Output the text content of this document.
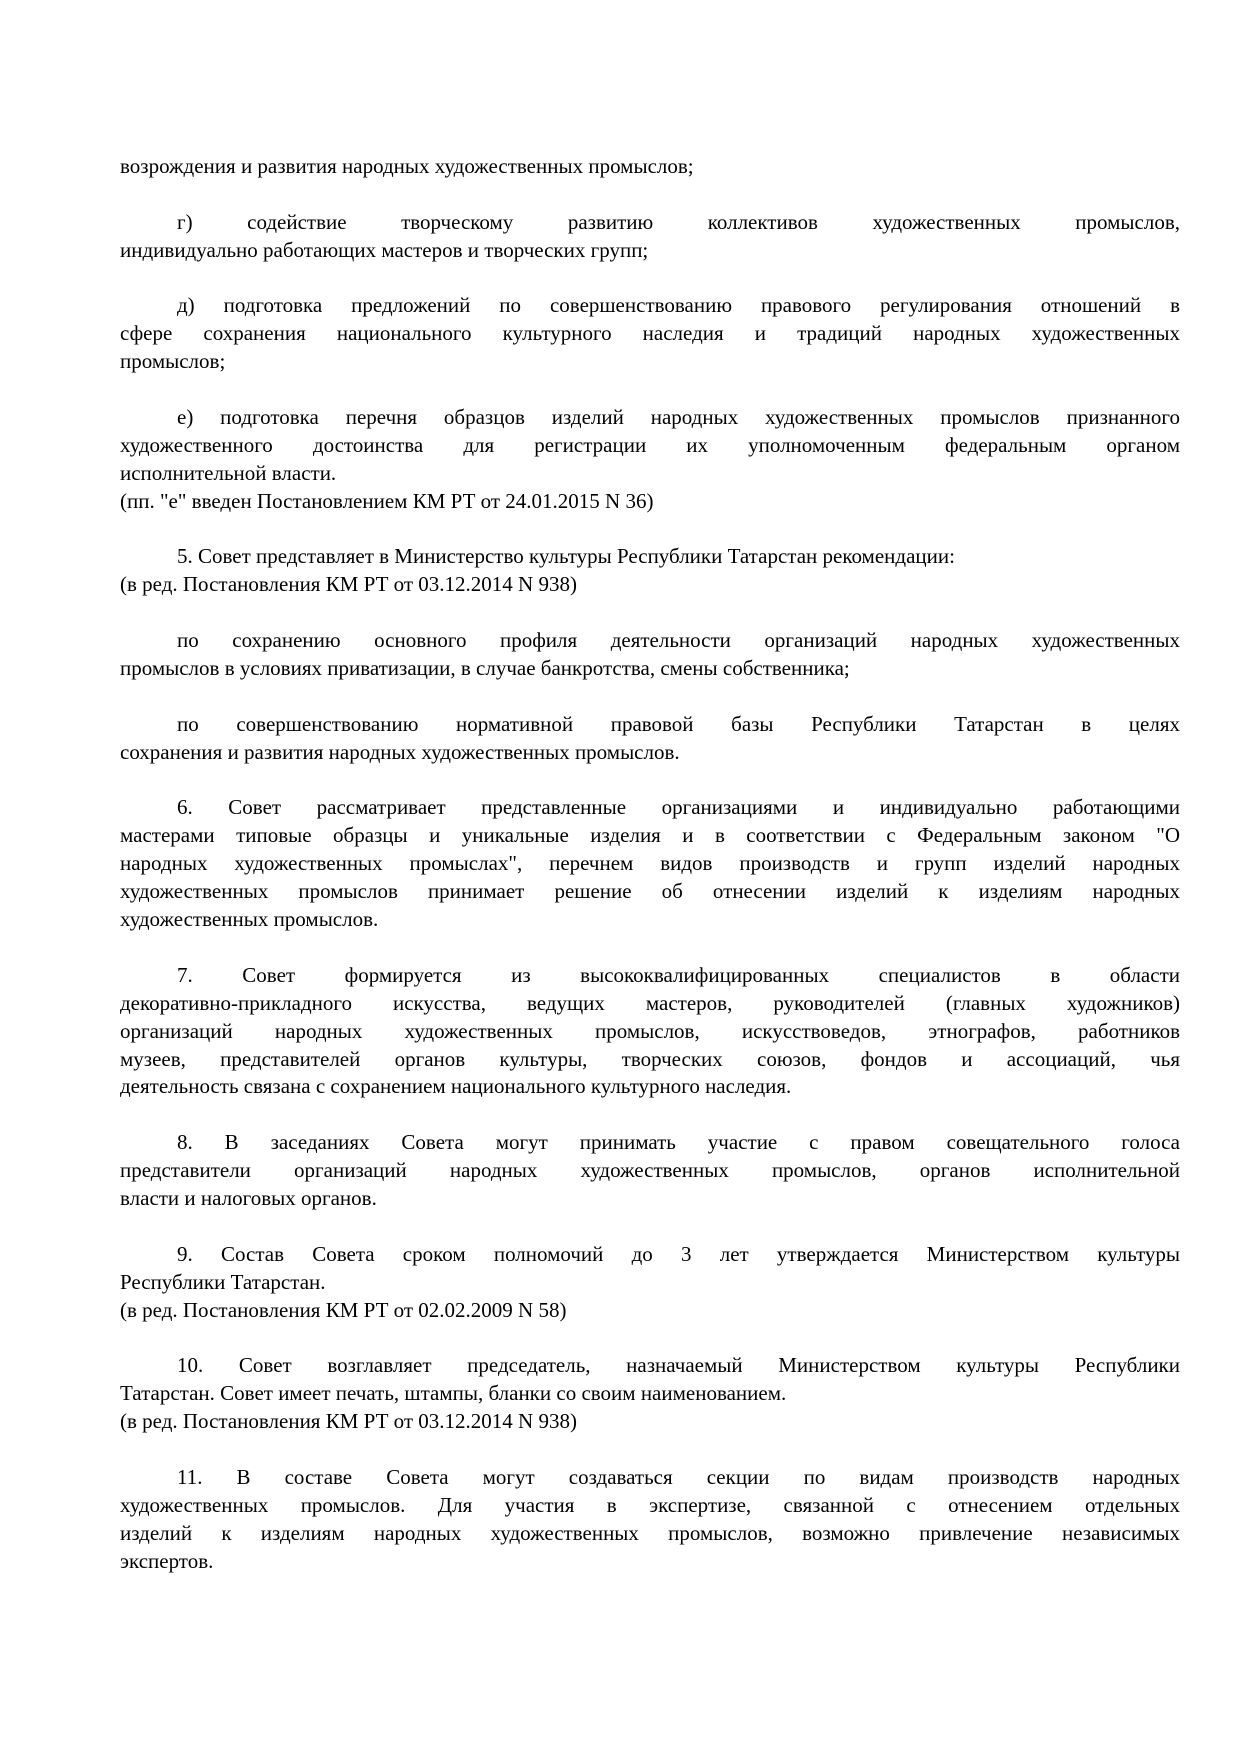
возрождения и развития народных художественных промыслов;
г) содействие творческому развитию коллективов художественных промыслов,
индивидуально работающих мастеров и творческих групп;
д) подготовка предложений по совершенствованию правового регулирования отношений в
сфере сохранения национального культурного наследия и традиций народных художественных
промыслов;
е) подготовка перечня образцов изделий народных художественных промыслов признанного
художественного достоинства для регистрации их уполномоченным федеральным органом
исполнительной власти.
(пп. "е" введен Постановлением КМ РТ от 24.01.2015 N 36)
5. Совет представляет в Министерство культуры Республики Татарстан рекомендации:
(в ред. Постановления КМ РТ от 03.12.2014 N 938)
по сохранению основного профиля деятельности организаций народных художественных
промыслов в условиях приватизации, в случае банкротства, смены собственника;
по совершенствованию нормативной правовой базы Республики Татарстан в целях
сохранения и развития народных художественных промыслов.
6. Совет рассматривает представленные организациями и индивидуально работающими
мастерами типовые образцы и уникальные изделия и в соответствии с Федеральным законом "О
народных художественных промыслах", перечнем видов производств и групп изделий народных
художественных промыслов принимает решение об отнесении изделий к изделиям народных
художественных промыслов.
7. Совет формируется из высококвалифицированных специалистов в области
декоративно-прикладного искусства, ведущих мастеров, руководителей (главных художников)
организаций народных художественных промыслов, искусствоведов, этнографов, работников
музеев, представителей органов культуры, творческих союзов, фондов и ассоциаций, чья
деятельность связана с сохранением национального культурного наследия.
8. В заседаниях Совета могут принимать участие с правом совещательного голоса
представители организаций народных художественных промыслов, органов исполнительной
власти и налоговых органов.
9. Состав Совета сроком полномочий до 3 лет утверждается Министерством культуры
Республики Татарстан.
(в ред. Постановления КМ РТ от 02.02.2009 N 58)
10. Совет возглавляет председатель, назначаемый Министерством культуры Республики
Татарстан. Совет имеет печать, штампы, бланки со своим наименованием.
(в ред. Постановления КМ РТ от 03.12.2014 N 938)
11. В составе Совета могут создаваться секции по видам производств народных
художественных промыслов. Для участия в экспертизе, связанной с отнесением отдельных
изделий к изделиям народных художественных промыслов, возможно привлечение независимых
экспертов.
